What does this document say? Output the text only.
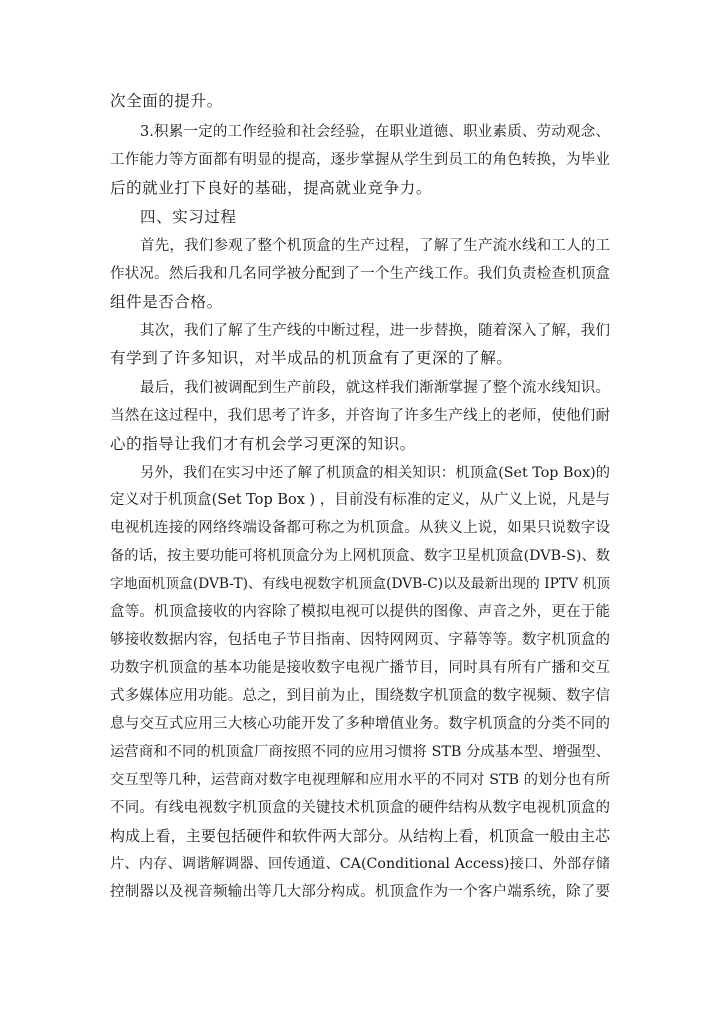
次全面的提升。
3.积累一定的工作经验和社会经验，在职业道德、职业素质、劳动观念、
工作能力等方面都有明显的提高，逐步掌握从学生到员工的角色转换，为毕业
后的就业打下良好的基础，提高就业竞争力。
四、实习过程
首先，我们参观了整个机顶盒的生产过程，了解了生产流水线和工人的工
作状况。然后我和几名同学被分配到了一个生产线工作。我们负责检查机顶盒
组件是否合格。
其次，我们了解了生产线的中断过程，进一步替换，随着深入了解，我们
有学到了许多知识，对半成品的机顶盒有了更深的了解。
最后，我们被调配到生产前段，就这样我们渐渐掌握了整个流水线知识。
当然在这过程中，我们思考了许多，并咨询了许多生产线上的老师，使他们耐
心的指导让我们才有机会学习更深的知识。
另外，我们在实习中还了解了机顶盒的相关知识：机顶盒(Set Top Box)的
定义对于机顶盒(Set Top Box ) ，目前没有标准的定义，从广义上说，凡是与
电视机连接的网络终端设备都可称之为机顶盒。从狭义上说，如果只说数字设
备的话，按主要功能可将机顶盒分为上网机顶盒、数字卫星机顶盒(DVB-S)、数
字地面机顶盒(DVB-T)、有线电视数字机顶盒(DVB-C)以及最新出现的 IPTV 机顶
盒等。机顶盒接收的内容除了模拟电视可以提供的图像、声音之外，更在于能
够接收数据内容，包括电子节目指南、因特网网页、字幕等等。数字机顶盒的
功数字机顶盒的基本功能是接收数字电视广播节目，同时具有所有广播和交互
式多媒体应用功能。总之，到目前为止，围绕数字机顶盒的数字视频、数字信
息与交互式应用三大核心功能开发了多种增值业务。数字机顶盒的分类不同的
运营商和不同的机顶盒厂商按照不同的应用习惯将 STB 分成基本型、增强型、
交互型等几种，运营商对数字电视理解和应用水平的不同对 STB 的划分也有所
不同。有线电视数字机顶盒的关键技术机顶盒的硬件结构从数字电视机顶盒的
构成上看，主要包括硬件和软件两大部分。从结构上看，机顶盒一般由主芯
片、内存、调谐解调器、回传通道、CA(Conditional Access)接口、外部存储
控制器以及视音频输出等几大部分构成。机顶盒作为一个客户端系统，除了要
